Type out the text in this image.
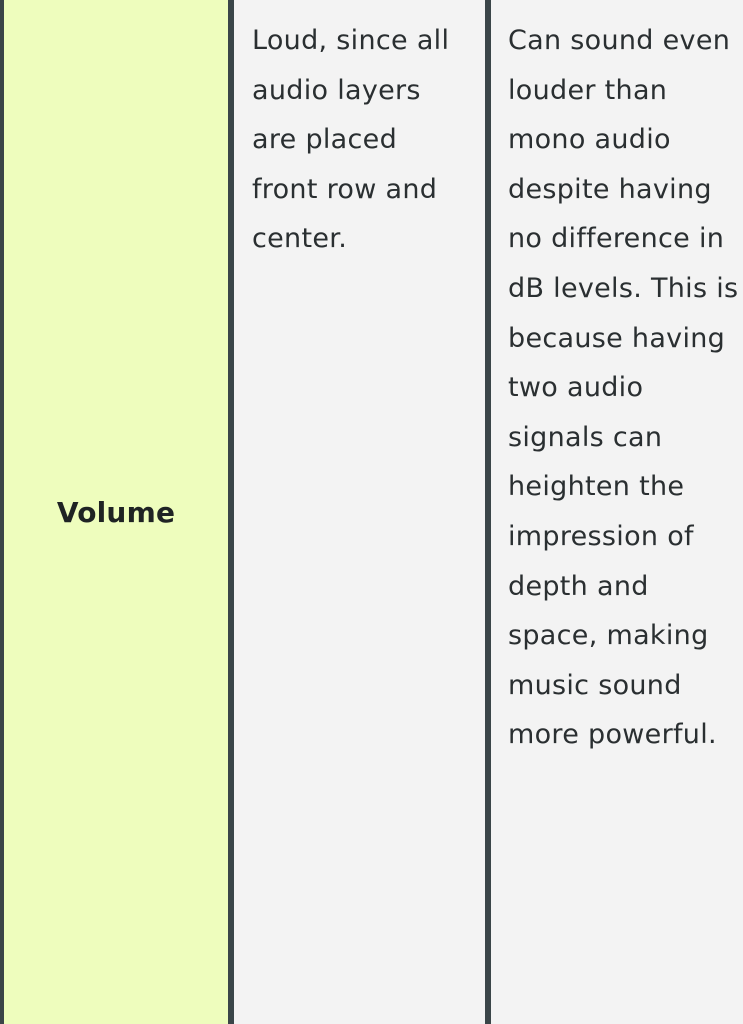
Volume

Loud, since all audio layers are placed front row and center.

Can sound even louder than mono audio despite having no difference in dB levels. This is because having two audio signals can heighten the impression of depth and space, making music sound more powerful.
